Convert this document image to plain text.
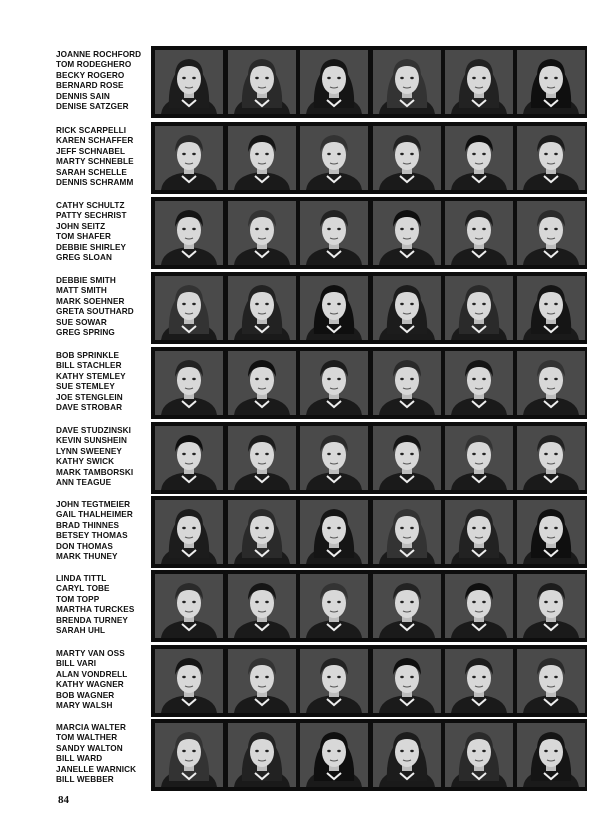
JOANNE ROCHFORD
TOM RODEGHERO
BECKY ROGERO
BERNARD ROSE
DENNIS SAIN
DENISE SATZGER
RICK SCARPELLI
KAREN SCHAFFER
JEFF SCHNABEL
MARTY SCHNEBLE
SARAH SCHELLE
DENNIS SCHRAMM
CATHY SCHULTZ
PATTY SECHRIST
JOHN SEITZ
TOM SHAFER
DEBBIE SHIRLEY
GREG SLOAN
DEBBIE SMITH
MATT SMITH
MARK SOEHNER
GRETA SOUTHARD
SUE SOWAR
GREG SPRING
BOB SPRINKLE
BILL STACHLER
KATHY STEMLEY
SUE STEMLEY
JOE STENGLEIN
DAVE STROBAR
DAVE STUDZINSKI
KEVIN SUNSHEIN
LYNN SWEENEY
KATHY SWICK
MARK TAMBORSKI
ANN TEAGUE
JOHN TEGTMEIER
GAIL THALHEIMER
BRAD THINNES
BETSEY THOMAS
DON THOMAS
MARK THUNEY
LINDA TITTL
CARYL TOBE
TOM TOPP
MARTHA TURCKES
BRENDA TURNEY
SARAH UHL
MARTY VAN OSS
BILL VARI
ALAN VONDRELL
KATHY WAGNER
BOB WAGNER
MARY WALSH
MARCIA WALTER
TOM WALTHER
SANDY WALTON
BILL WARD
JANELLE WARNICK
BILL WEBBER
84
